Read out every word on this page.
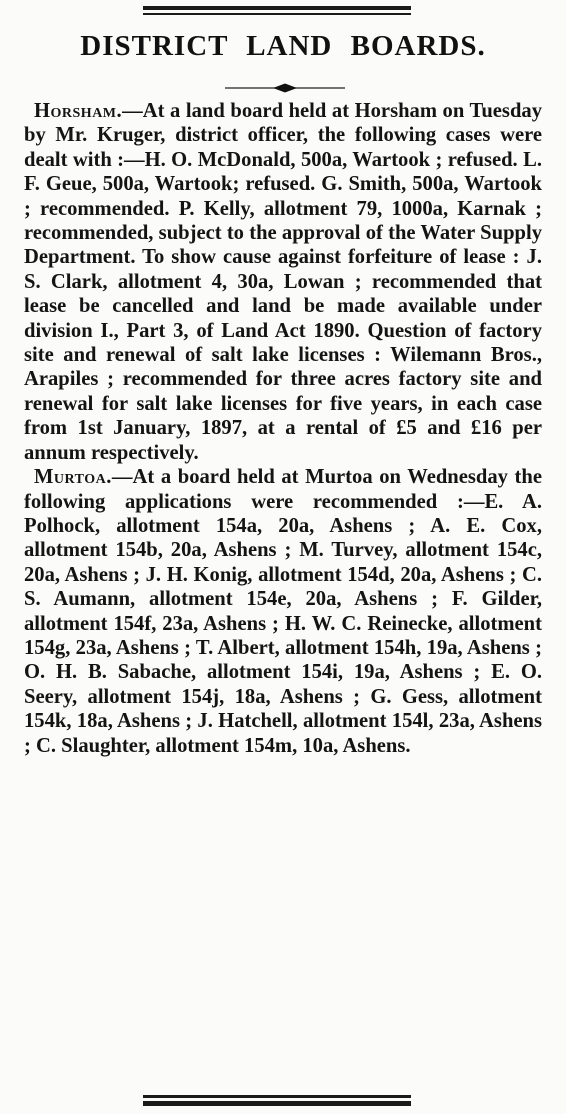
DISTRICT LAND BOARDS.

Horsham.—At a land board held at Horsham on Tuesday by Mr. Kruger, district officer, the following cases were dealt with :—H. O. McDonald, 500a, Wartook ; refused. L. F. Geue, 500a, Wartook; refused. G. Smith, 500a, Wartook ; recommended. P. Kelly, allotment 79, 1000a, Karnak ; recommended, subject to the approval of the Water Supply Department. To show cause against forfeiture of lease : J. S. Clark, allotment 4, 30a, Lowan ; recommended that lease be cancelled and land be made available under division I., Part 3, of Land Act 1890. Question of factory site and renewal of salt lake licenses : Wilemann Bros., Arapiles ; recommended for three acres factory site and renewal for salt lake licenses for five years, in each case from 1st January, 1897, at a rental of £5 and £16 per annum respectively.

Murtoa.—At a board held at Murtoa on Wednesday the following applications were recommended :—E. A. Polhock, allotment 154a, 20a, Ashens ; A. E. Cox, allotment 154b, 20a, Ashens ; M. Turvey, allotment 154c, 20a, Ashens ; J. H. Konig, allotment 154d, 20a, Ashens ; C. S. Aumann, allotment 154e, 20a, Ashens ; F. Gilder, allotment 154f, 23a, Ashens ; H. W. C. Reinecke, allotment 154g, 23a, Ashens ; T. Albert, allotment 154h, 19a, Ashens ; O. H. B. Sabache, allotment 154i, 19a, Ashens ; E. O. Seery, allotment 154j, 18a, Ashens ; G. Gess, allotment 154k, 18a, Ashens ; J. Hatchell, allotment 154l, 23a, Ashens ; C. Slaughter, allotment 154m, 10a, Ashens.
